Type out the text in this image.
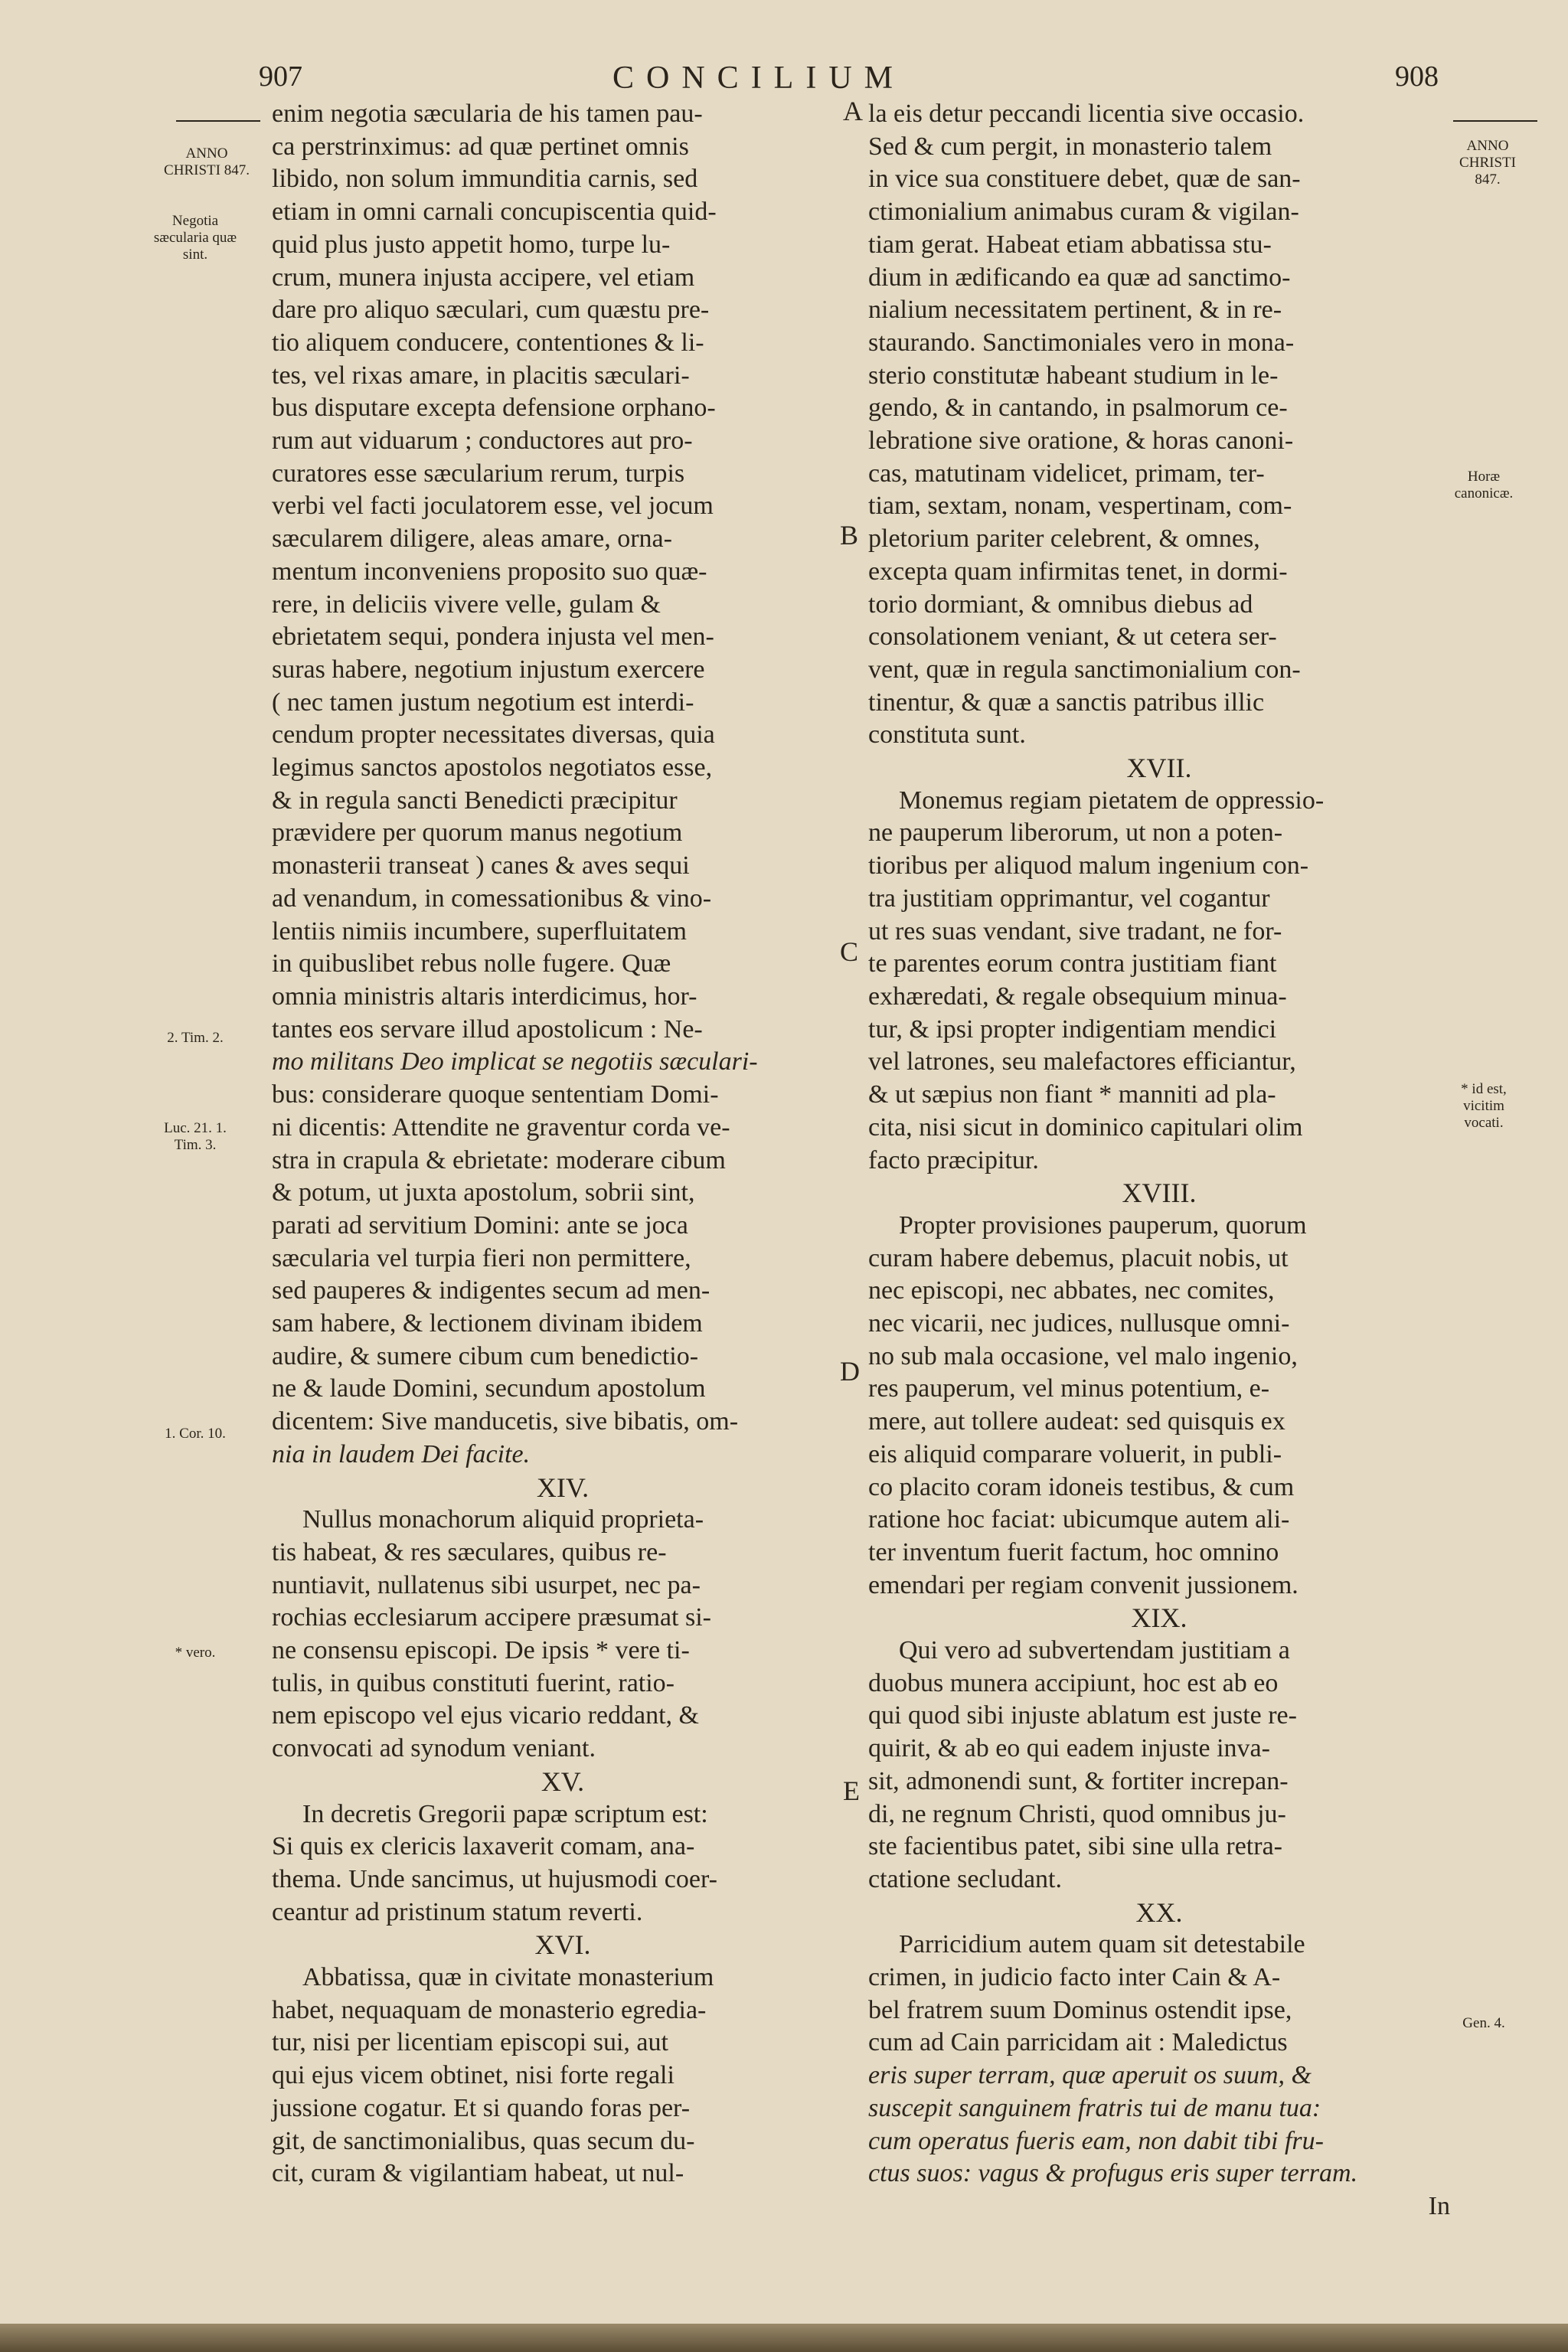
907	CONCILIUM	908
ANNO CHRISTI 847.
Negotia sæcularia quæ sint.
2. Tim. 2.
Luc. 21. 1. Tim. 3.
1. Cor. 10.
* vero.
ANNO CHRISTI 847.
Horæ canonicæ.
* id est, vicitim vocati.
Gen. 4.
A
B
C
D
E

enim negotia sæcularia de his tamen pau-

ca perstrinximus: ad quæ pertinet omnis

libido, non solum immunditia carnis, sed

etiam in omni carnali concupiscentia quid-

quid plus justo appetit homo, turpe lu-

crum, munera injusta accipere, vel etiam

dare pro aliquo sæculari, cum quæstu pre-

tio aliquem conducere, contentiones & li-

tes, vel rixas amare, in placitis sæculari-

bus disputare excepta defensione orphano-

rum aut viduarum ; conductores aut pro-

curatores esse sæcularium rerum, turpis

verbi vel facti joculatorem esse, vel jocum

sæcularem diligere, aleas amare, orna-

mentum inconveniens proposito suo quæ-

rere, in deliciis vivere velle, gulam &

ebrietatem sequi, pondera injusta vel men-

suras habere, negotium injustum exercere

( nec tamen justum negotium est interdi-

cendum propter necessitates diversas, quia

legimus sanctos apostolos negotiatos esse,

& in regula sancti Benedicti præcipitur

prævidere per quorum manus negotium

monasterii transeat ) canes & aves sequi

ad venandum, in comessationibus & vino-

lentiis nimiis incumbere, superfluitatem

in quibuslibet rebus nolle fugere. Quæ

omnia ministris altaris interdicimus, hor-

tantes eos servare illud apostolicum : Ne-

mo militans Deo implicat se negotiis sæculari-

bus: considerare quoque sententiam Domi-

ni dicentis: Attendite ne graventur corda ve-

stra in crapula & ebrietate: moderare cibum

& potum, ut juxta apostolum, sobrii sint,

parati ad servitium Domini: ante se joca

sæcularia vel turpia fieri non permittere,

sed pauperes & indigentes secum ad men-

sam habere, & lectionem divinam ibidem

audire, & sumere cibum cum benedictio-

ne & laude Domini, secundum apostolum

dicentem: Sive manducetis, sive bibatis, om-

nia in laudem Dei facite.

XIV.

Nullus monachorum aliquid proprieta-

tis habeat, & res sæculares, quibus re-

nuntiavit, nullatenus sibi usurpet, nec pa-

rochias ecclesiarum accipere præsumat si-

ne consensu episcopi. De ipsis * vere ti-

tulis, in quibus constituti fuerint, ratio-

nem episcopo vel ejus vicario reddant, &

convocati ad synodum veniant.

XV.

In decretis Gregorii papæ scriptum est:

Si quis ex clericis laxaverit comam, ana-

thema. Unde sancimus, ut hujusmodi coer-

ceantur ad pristinum statum reverti.

XVI.

Abbatissa, quæ in civitate monasterium

habet, nequaquam de monasterio egredia-

tur, nisi per licentiam episcopi sui, aut

qui ejus vicem obtinet, nisi forte regali

jussione cogatur. Et si quando foras per-

git, de sanctimonialibus, quas secum du-

cit, curam & vigilantiam habeat, ut nul-

la eis detur peccandi licentia sive occasio.

Sed & cum pergit, in monasterio talem

in vice sua constituere debet, quæ de san-

ctimonialium animabus curam & vigilan-

tiam gerat. Habeat etiam abbatissa stu-

dium in ædificando ea quæ ad sanctimo-

nialium necessitatem pertinent, & in re-

staurando. Sanctimoniales vero in mona-

sterio constitutæ habeant studium in le-

gendo, & in cantando, in psalmorum ce-

lebratione sive oratione, & horas canoni-

cas, matutinam videlicet, primam, ter-

tiam, sextam, nonam, vespertinam, com-

pletorium pariter celebrent, & omnes,

excepta quam infirmitas tenet, in dormi-

torio dormiant, & omnibus diebus ad

consolationem veniant, & ut cetera ser-

vent, quæ in regula sanctimonialium con-

tinentur, & quæ a sanctis patribus illic

constituta sunt.

XVII.

Monemus regiam pietatem de oppressio-

ne pauperum liberorum, ut non a poten-

tioribus per aliquod malum ingenium con-

tra justitiam opprimantur, vel cogantur

ut res suas vendant, sive tradant, ne for-

te parentes eorum contra justitiam fiant

exhæredati, & regale obsequium minua-

tur, & ipsi propter indigentiam mendici

vel latrones, seu malefactores efficiantur,

& ut sæpius non fiant * manniti ad pla-

cita, nisi sicut in dominico capitulari olim

facto præcipitur.

XVIII.

Propter provisiones pauperum, quorum

curam habere debemus, placuit nobis, ut

nec episcopi, nec abbates, nec comites,

nec vicarii, nec judices, nullusque omni-

no sub mala occasione, vel malo ingenio,

res pauperum, vel minus potentium, e-

mere, aut tollere audeat: sed quisquis ex

eis aliquid comparare voluerit, in publi-

co placito coram idoneis testibus, & cum

ratione hoc faciat: ubicumque autem ali-

ter inventum fuerit factum, hoc omnino

emendari per regiam convenit jussionem.

XIX.

Qui vero ad subvertendam justitiam a

duobus munera accipiunt, hoc est ab eo

qui quod sibi injuste ablatum est juste re-

quirit, & ab eo qui eadem injuste inva-

sit, admonendi sunt, & fortiter increpan-

di, ne regnum Christi, quod omnibus ju-

ste facientibus patet, sibi sine ulla retra-

ctatione secludant.

XX.

Parricidium autem quam sit detestabile

crimen, in judicio facto inter Cain & A-

bel fratrem suum Dominus ostendit ipse,

cum ad Cain parricidam ait : Maledictus

eris super terram, quæ aperuit os suum, &

suscepit sanguinem fratris tui de manu tua:

cum operatus fueris eam, non dabit tibi fru-

ctus suos: vagus & profugus eris super terram.

In
